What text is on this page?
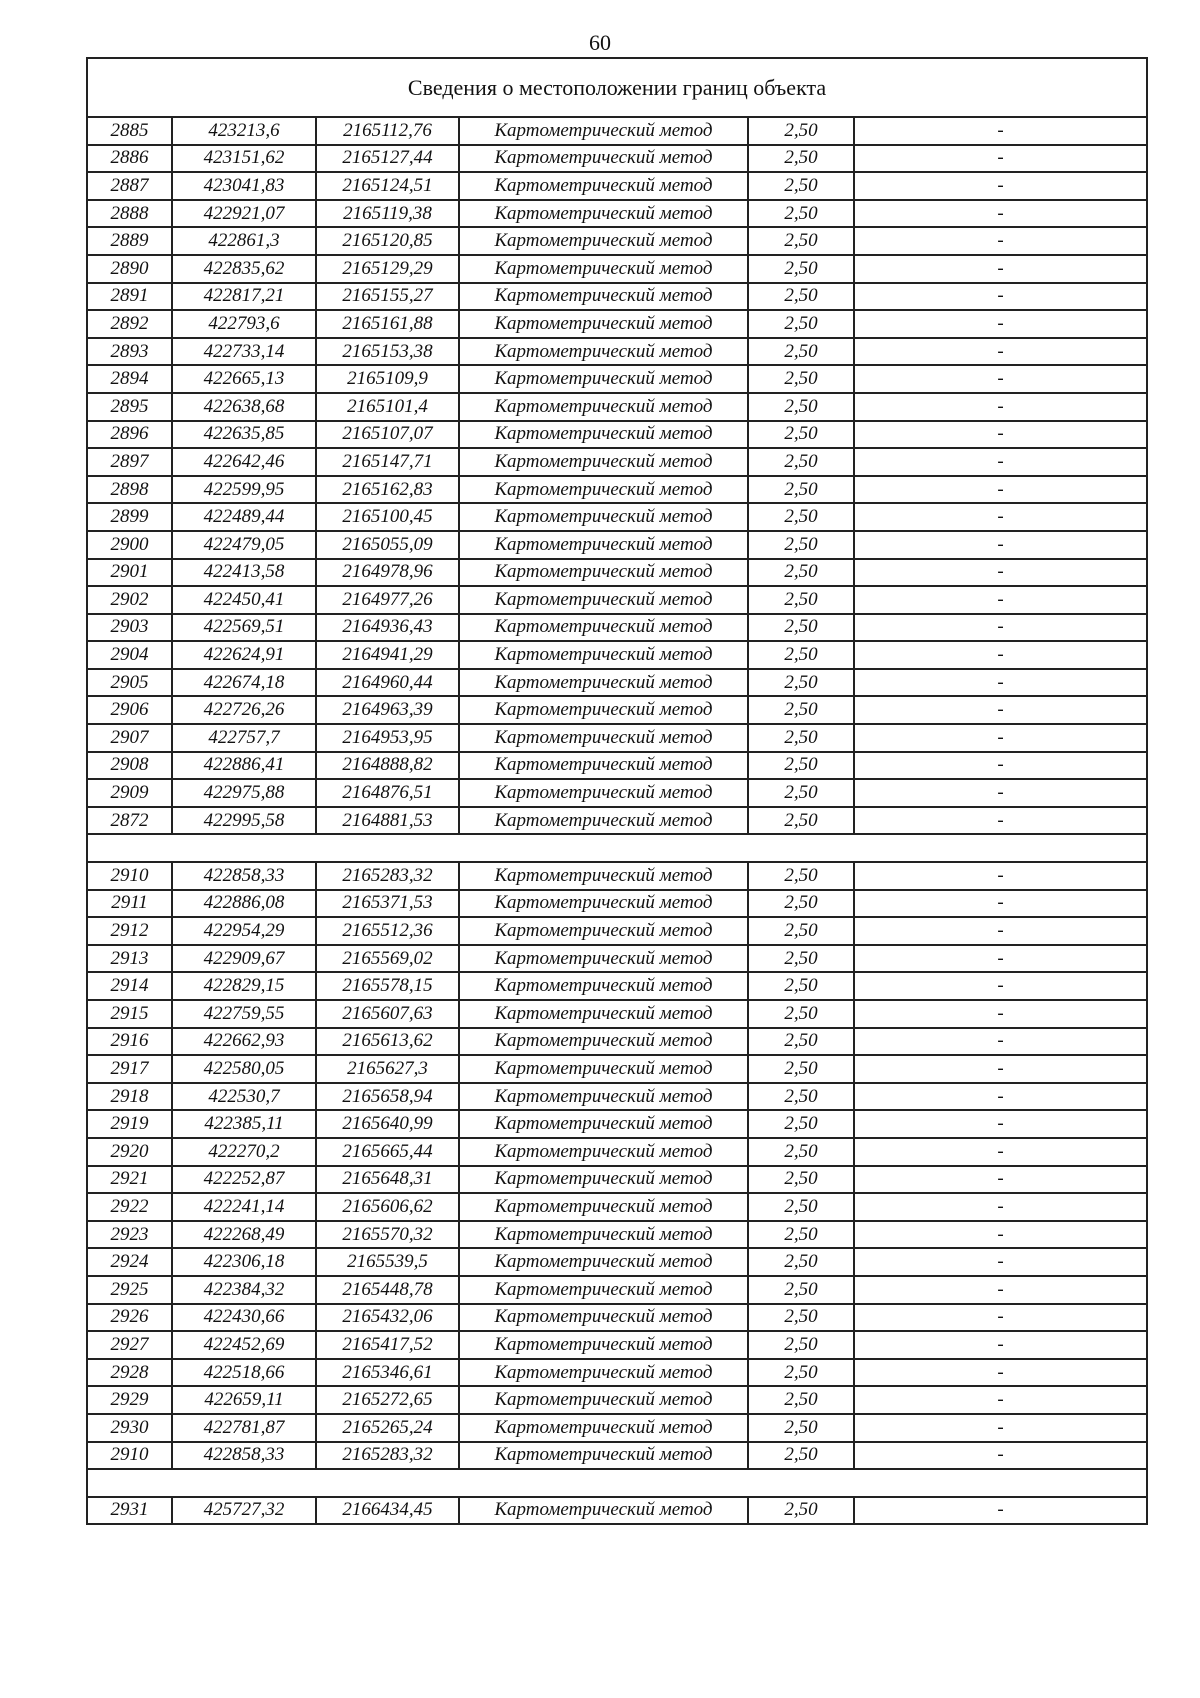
60
Сведения о местоположении границ объекта					
2885	423213,6	2165112,76	Картометрический метод	2,50	-
2886	423151,62	2165127,44	Картометрический метод	2,50	-
2887	423041,83	2165124,51	Картометрический метод	2,50	-
2888	422921,07	2165119,38	Картометрический метод	2,50	-
2889	422861,3	2165120,85	Картометрический метод	2,50	-
2890	422835,62	2165129,29	Картометрический метод	2,50	-
2891	422817,21	2165155,27	Картометрический метод	2,50	-
2892	422793,6	2165161,88	Картометрический метод	2,50	-
2893	422733,14	2165153,38	Картометрический метод	2,50	-
2894	422665,13	2165109,9	Картометрический метод	2,50	-
2895	422638,68	2165101,4	Картометрический метод	2,50	-
2896	422635,85	2165107,07	Картометрический метод	2,50	-
2897	422642,46	2165147,71	Картометрический метод	2,50	-
2898	422599,95	2165162,83	Картометрический метод	2,50	-
2899	422489,44	2165100,45	Картометрический метод	2,50	-
2900	422479,05	2165055,09	Картометрический метод	2,50	-
2901	422413,58	2164978,96	Картометрический метод	2,50	-
2902	422450,41	2164977,26	Картометрический метод	2,50	-
2903	422569,51	2164936,43	Картометрический метод	2,50	-
2904	422624,91	2164941,29	Картометрический метод	2,50	-
2905	422674,18	2164960,44	Картометрический метод	2,50	-
2906	422726,26	2164963,39	Картометрический метод	2,50	-
2907	422757,7	2164953,95	Картометрический метод	2,50	-
2908	422886,41	2164888,82	Картометрический метод	2,50	-
2909	422975,88	2164876,51	Картометрический метод	2,50	-
2872	422995,58	2164881,53	Картометрический метод	2,50	-

2910	422858,33	2165283,32	Картометрический метод	2,50	-
2911	422886,08	2165371,53	Картометрический метод	2,50	-
2912	422954,29	2165512,36	Картометрический метод	2,50	-
2913	422909,67	2165569,02	Картометрический метод	2,50	-
2914	422829,15	2165578,15	Картометрический метод	2,50	-
2915	422759,55	2165607,63	Картометрический метод	2,50	-
2916	422662,93	2165613,62	Картометрический метод	2,50	-
2917	422580,05	2165627,3	Картометрический метод	2,50	-
2918	422530,7	2165658,94	Картометрический метод	2,50	-
2919	422385,11	2165640,99	Картометрический метод	2,50	-
2920	422270,2	2165665,44	Картометрический метод	2,50	-
2921	422252,87	2165648,31	Картометрический метод	2,50	-
2922	422241,14	2165606,62	Картометрический метод	2,50	-
2923	422268,49	2165570,32	Картометрический метод	2,50	-
2924	422306,18	2165539,5	Картометрический метод	2,50	-
2925	422384,32	2165448,78	Картометрический метод	2,50	-
2926	422430,66	2165432,06	Картометрический метод	2,50	-
2927	422452,69	2165417,52	Картометрический метод	2,50	-
2928	422518,66	2165346,61	Картометрический метод	2,50	-
2929	422659,11	2165272,65	Картометрический метод	2,50	-
2930	422781,87	2165265,24	Картометрический метод	2,50	-
2910	422858,33	2165283,32	Картометрический метод	2,50	-

2931	425727,32	2166434,45	Картометрический метод	2,50	-
